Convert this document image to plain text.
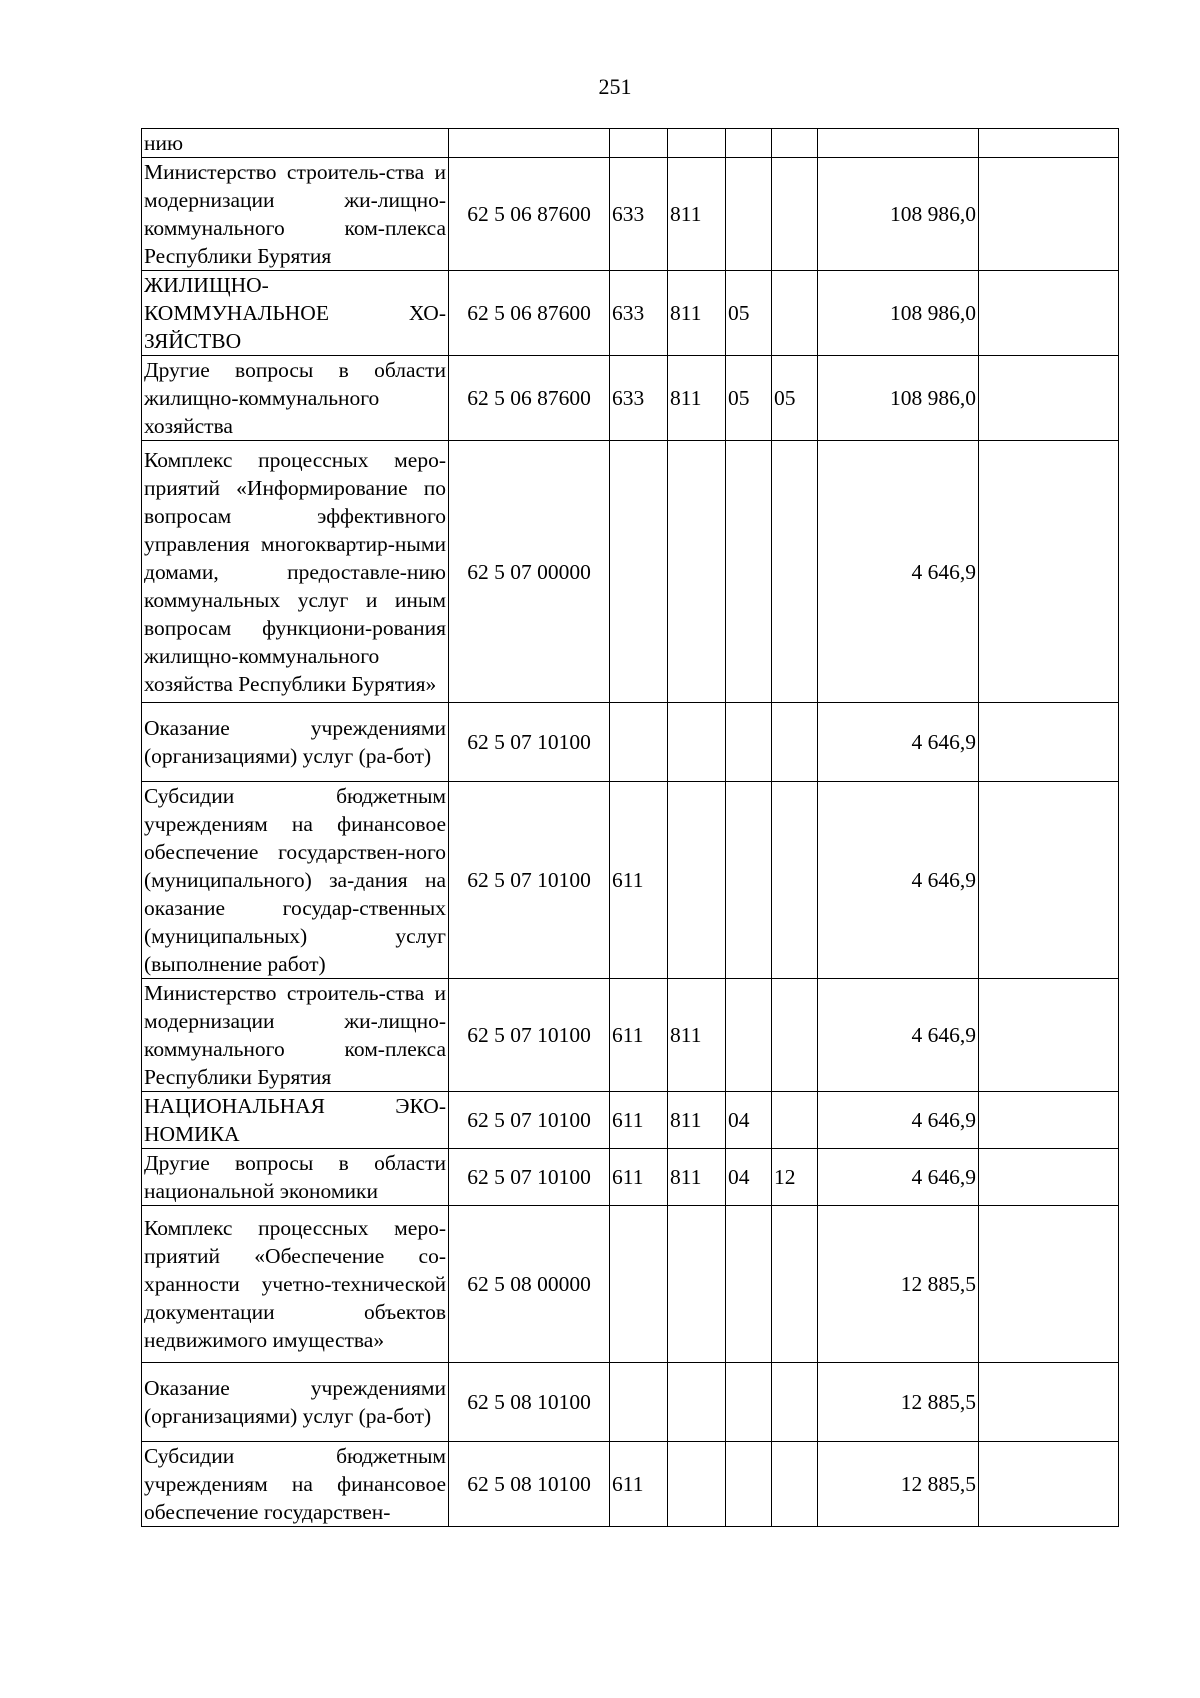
251
нию							
Министерство строитель-ства и модернизации жи-лищно-коммунального ком-плекса Республики Бурятия	62 5 06 87600	633	811			108 986,0	
ЖИЛИЩНО-КОММУНАЛЬНОЕ ХО-ЗЯЙСТВО	62 5 06 87600	633	811	05		108 986,0	
Другие вопросы в области жилищно-коммунального хозяйства	62 5 06 87600	633	811	05	05	108 986,0	
Комплекс процессных меро-приятий «Информирование по вопросам эффективного управления многоквартир-ными домами, предоставле-нию коммунальных услуг и иным вопросам функциони-рования жилищно-коммунального хозяйства Республики Бурятия»	62 5 07 00000					4 646,9	
Оказание учреждениями (организациями) услуг (ра-бот)	62 5 07 10100					4 646,9	
Субсидии бюджетным учреждениям на финансовое обеспечение государствен-ного (муниципального) за-дания на оказание государ-ственных (муниципальных) услуг (выполнение работ)	62 5 07 10100	611				4 646,9	
Министерство строитель-ства и модернизации жи-лищно-коммунального ком-плекса Республики Бурятия	62 5 07 10100	611	811			4 646,9	
НАЦИОНАЛЬНАЯ ЭКО-НОМИКА	62 5 07 10100	611	811	04		4 646,9	
Другие вопросы в области национальной экономики	62 5 07 10100	611	811	04	12	4 646,9	
Комплекс процессных меро-приятий «Обеспечение со-хранности учетно-технической документации объектов недвижимого имущества»	62 5 08 00000					12 885,5	
Оказание учреждениями (организациями) услуг (ра-бот)	62 5 08 10100					12 885,5	
Субсидии бюджетным учреждениям на финансовое обеспечение государствен-	62 5 08 10100	611				12 885,5	
